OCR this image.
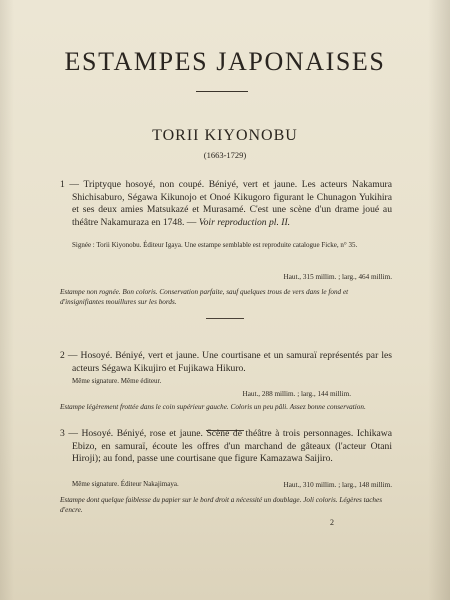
ESTAMPES JAPONAISES
TORII KIYONOBU
(1663-1729)
1 — Triptyque hosoyé, non coupé. Béniyé, vert et jaune. Les acteurs Nakamura Shichisaburo, Ségawa Kikunojo et Onoé Kikugoro figurant le Chunagon Yukihira et ses deux amies Matsukazé et Murasamé. C'est une scène d'un drame joué au théâtre Nakamuraza en 1748. — Voir reproduction pl. II.
Signée : Torii Kiyonobu. Éditeur Igaya. Une estampe semblable est reproduite catalogue Ficke, n° 35.
Haut., 315 millim. ; larg., 464 millim.
Estampe non rognée. Bon coloris. Conservation parfaite, sauf quelques trous de vers dans le fond et d'insignifiantes mouillures sur les bords.
2 — Hosoyé. Béniyé, vert et jaune. Une courtisane et un samuraï représentés par les acteurs Ségawa Kikujiro et Fujikawa Hikuro.
Même signature. Même éditeur.
Haut., 288 millim. ; larg., 144 millim.
Estampe légèrement frottée dans le coin supérieur gauche. Coloris un peu pâli. Assez bonne conservation.
3 — Hosoyé. Béniyé, rose et jaune. Scène de théâtre à trois personnages. Ichikawa Ebizo, en samuraï, écoute les offres d'un marchand de gâteaux (l'acteur Otani Hiroji); au fond, passe une courtisane que figure Kamazawa Saijiro.
Même signature. Éditeur Nakajimaya.	Haut., 310 millim. ; larg., 148 millim.
Estampe dont quelque faiblesse du papier sur le bord droit a nécessité un doublage. Joli coloris. Légères taches d'encre.
2
